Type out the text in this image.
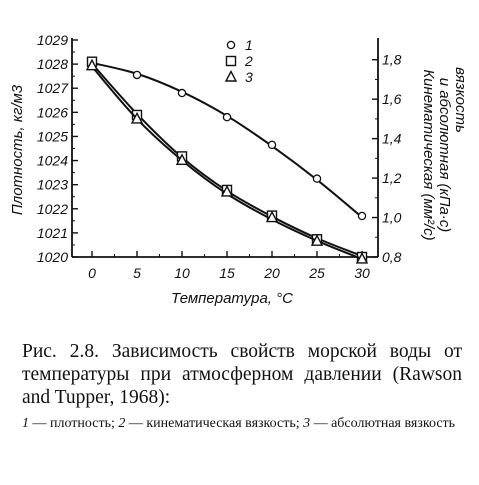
1020
1021
1022
1023
1024
1025
1026
1027
1028
1029
0,8
1,0
1,2
1,4
1,6
1,8
0	5 10 15 20 25 30
1
2
3
Плотность, кг/м3	Кинематическая (мм²/с) и абсолютная (кПа·с) вязкость
Температура, °C
Рис. 2.8. Зависимость свойств морской воды от температуры при атмосферном давлении (Rawson and Tupper, 1968):
1 — плотность; 2 — кинематическая вязкость; 3 — абсолютная вязкость
